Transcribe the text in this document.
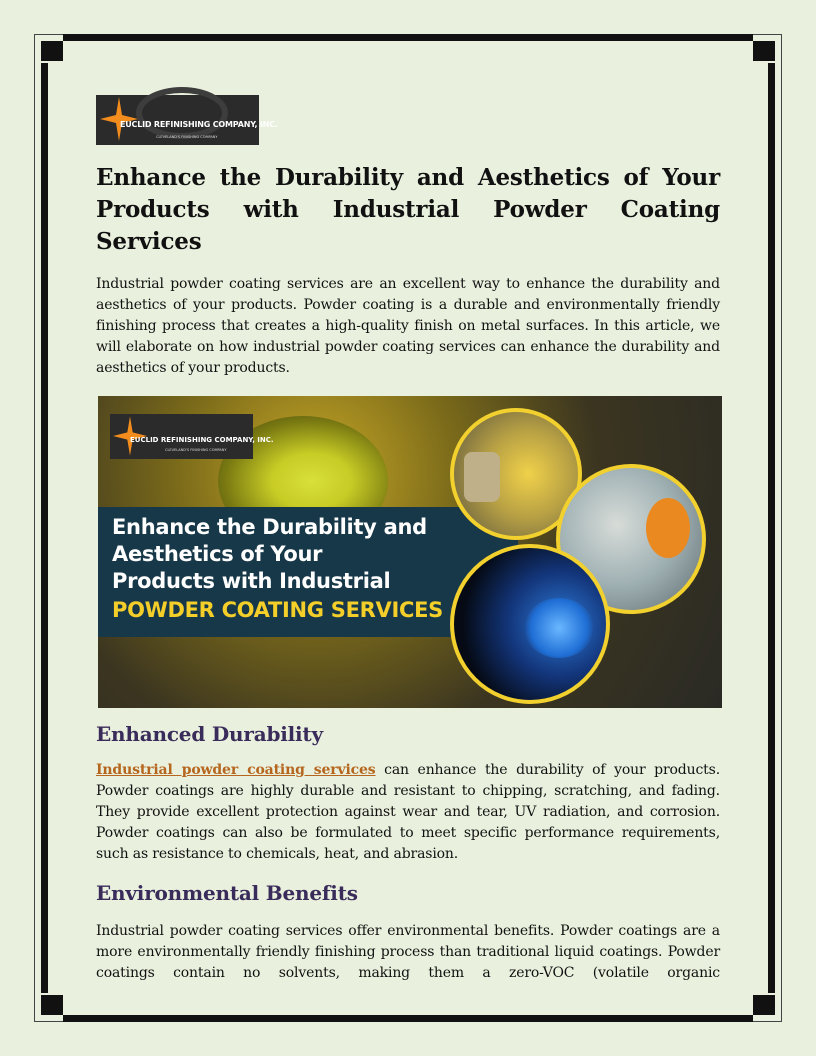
EUCLID REFINISHING COMPANY, INC.
CLEVELAND'S FINISHING COMPANY
Enhance the Durability and Aesthetics of Your Products with Industrial Powder Coating Services

Industrial powder coating services are an excellent way to enhance the durability and aesthetics of your products. Powder coating is a durable and environmentally friendly finishing process that creates a high-quality finish on metal surfaces. In this article, we will elaborate on how industrial powder coating services can enhance the durability and aesthetics of your products.

EUCLID REFINISHING COMPANY, INC.
CLEVELAND'S FINISHING COMPANY
Enhance the Durability and
Aesthetics of Your
Products with Industrial
POWDER COATING SERVICES
Enhanced Durability

Industrial powder coating services can enhance the durability of your products. Powder coatings are highly durable and resistant to chipping, scratching, and fading. They provide excellent protection against wear and tear, UV radiation, and corrosion. Powder coatings can also be formulated to meet specific performance requirements, such as resistance to chemicals, heat, and abrasion.

Environmental Benefits

Industrial powder coating services offer environmental benefits. Powder coatings are a more environmentally friendly finishing process than traditional liquid coatings. Powder coatings contain no solvents, making them a zero-VOC (volatile organic
